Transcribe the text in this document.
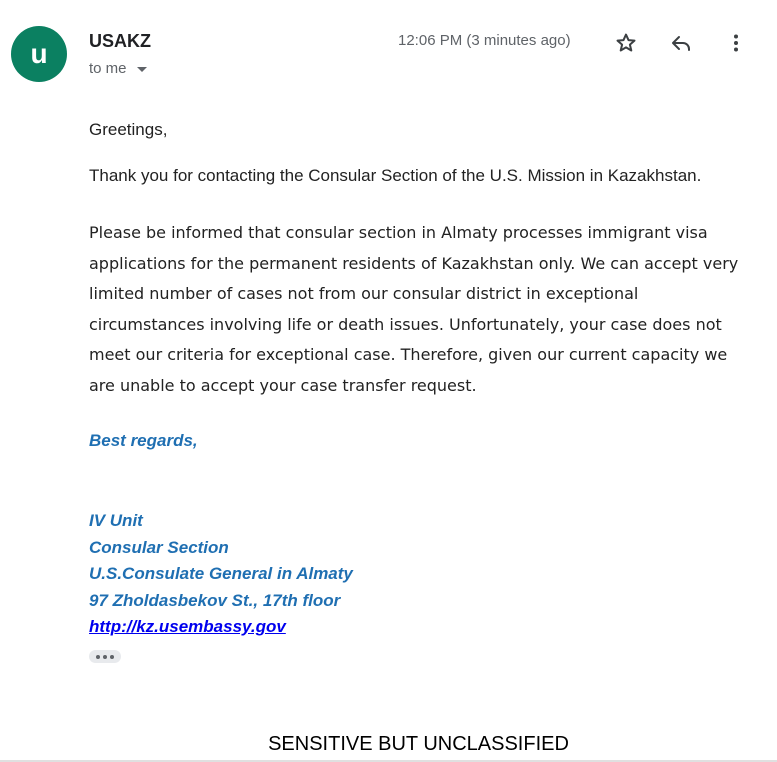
u	USAKZ
to me
12:06 PM (3 minutes ago)
Greetings,
Thank you for contacting the Consular Section of the U.S. Mission in Kazakhstan.
Please be informed that consular section in Almaty processes immigrant visa
applications for the permanent residents of Kazakhstan only. We can accept very
limited number of cases not from our consular district in exceptional
circumstances involving life or death issues. Unfortunately, your case does not
meet our criteria for exceptional case. Therefore, given our current capacity we
are unable to accept your case transfer request.
Best regards,
IV Unit
Consular Section
U.S.Consulate General in Almaty
97 Zholdasbekov St., 17th floor
http://kz.usembassy.gov
SENSITIVE BUT UNCLASSIFIED
